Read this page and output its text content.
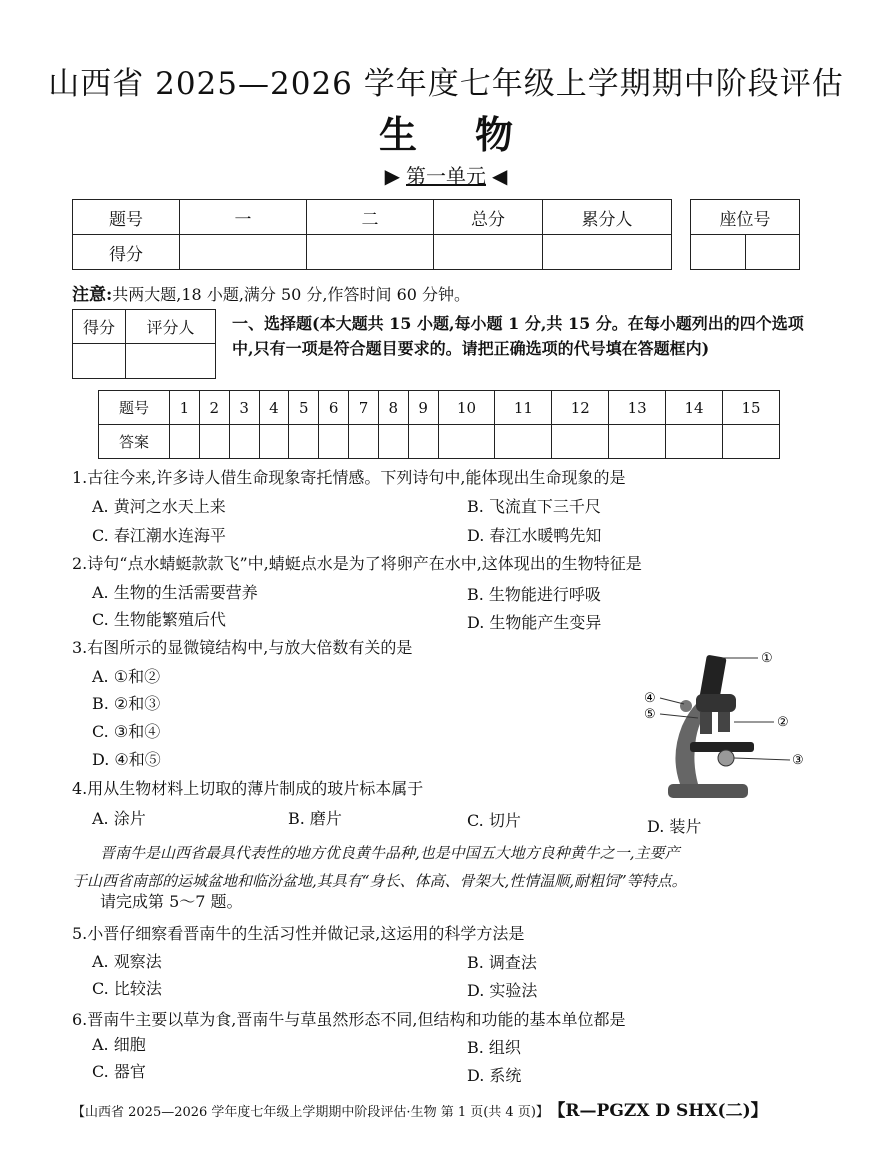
山西省 2025—2026 学年度七年级上学期期中阶段评估
生物
▶ 第一单元 ◀
题号	一	二	总分	累分人
得分				
座位号

注意:共两大题,18 小题,满分 50 分,作答时间 60 分钟。
得分	评分人
	一、选择题(本大题共 15 小题,每小题 1 分,共 15 分。在每小题列出的四个选项中,只有一项是符合题目要求的。请把正确选项的代号填在答题框内)
题号	1	2	3	4	5	6	7	8	9	10	11	12	13	14	15
答案															
1.古往今来,许多诗人借生命现象寄托情感。下列诗句中,能体现出生命现象的是
A. 黄河之水天上来	B. 飞流直下三千尺
C. 春江潮水连海平	D. 春江水暖鸭先知
2.诗句“点水蜻蜓款款飞”中,蜻蜓点水是为了将卵产在水中,这体现出的生物特征是
A. 生物的生活需要营养	B. 生物能进行呼吸
C. 生物能繁殖后代	D. 生物能产生变异
3.右图所示的显微镜结构中,与放大倍数有关的是
A. ①和②
B. ②和③
C. ③和④
D. ④和⑤
①
②
③
④
⑤
4.用从生物材料上切取的薄片制成的玻片标本属于
A. 涂片	B. 磨片	C. 切片	D. 装片
晋南牛是山西省最具代表性的地方优良黄牛品种,也是中国五大地方良种黄牛之一,主要产
于山西省南部的运城盆地和临汾盆地,其具有“身长、体高、骨架大,性情温顺,耐粗饲”等特点。
请完成第 5～7 题。
5.小晋仔细察看晋南牛的生活习性并做记录,这运用的科学方法是
A. 观察法	B. 调查法
C. 比较法	D. 实验法
6.晋南牛主要以草为食,晋南牛与草虽然形态不同,但结构和功能的基本单位都是
A. 细胞	B. 组织
C. 器官	D. 系统
【山西省 2025—2026 学年度七年级上学期期中阶段评估·生物 第 1 页(共 4 页)】 【R—PGZX D SHX(二)】
